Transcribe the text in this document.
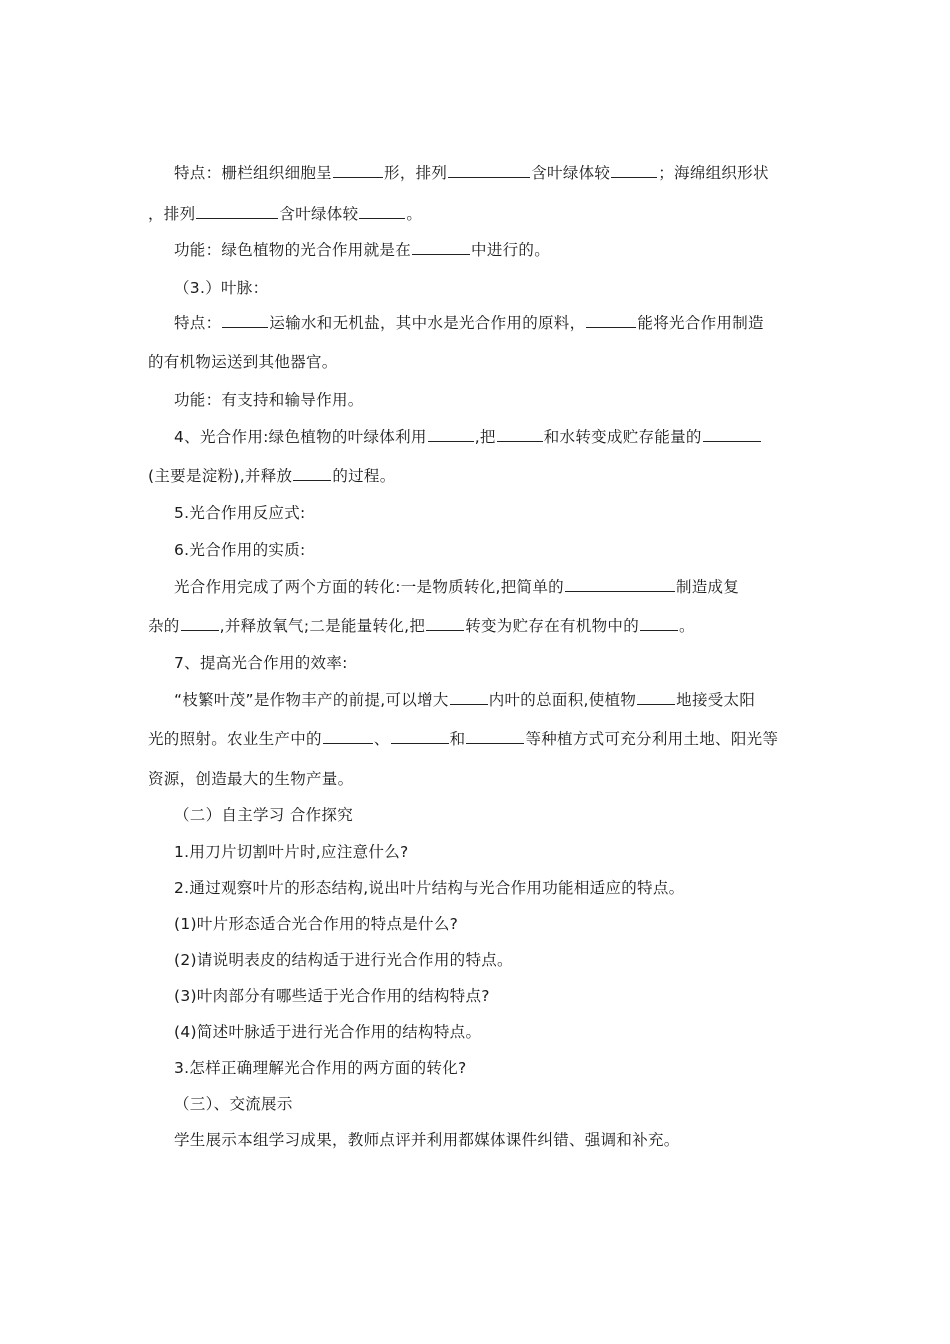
特点：栅栏组织细胞呈	形，排列	含叶绿体较	；海绵组织形状
，排列	含叶绿体较	。
功能：绿色植物的光合作用就是在	中进行的。
（3.）叶脉：
特点：	运输水和无机盐，其中水是光合作用的原料，	能将光合作用制造
的有机物运送到其他器官。
功能：有支持和输导作用。
4、光合作用:绿色植物的叶绿体利用	,把	和水转变成贮存能量的
(主要是淀粉),并释放	的过程。
5.光合作用反应式:
6.光合作用的实质:
光合作用完成了两个方面的转化:一是物质转化,把简单的	制造成复
杂的	,并释放氧气;二是能量转化,把	转变为贮存在有机物中的	。
7、提高光合作用的效率:
“枝繁叶茂”是作物丰产的前提,可以增大	内叶的总面积,使植物	地接受太阳
光的照射。农业生产中的	、	和	等种植方式可充分利用土地、阳光等
资源，创造最大的生物产量。
（二）自主学习 合作探究
1.用刀片切割叶片时,应注意什么?
2.通过观察叶片的形态结构,说出叶片结构与光合作用功能相适应的特点。
(1)叶片形态适合光合作用的特点是什么?
(2)请说明表皮的结构适于进行光合作用的特点。
(3)叶肉部分有哪些适于光合作用的结构特点?
(4)简述叶脉适于进行光合作用的结构特点。
3.怎样正确理解光合作用的两方面的转化?
（三）、交流展示
学生展示本组学习成果，教师点评并利用都媒体课件纠错、强调和补充。
